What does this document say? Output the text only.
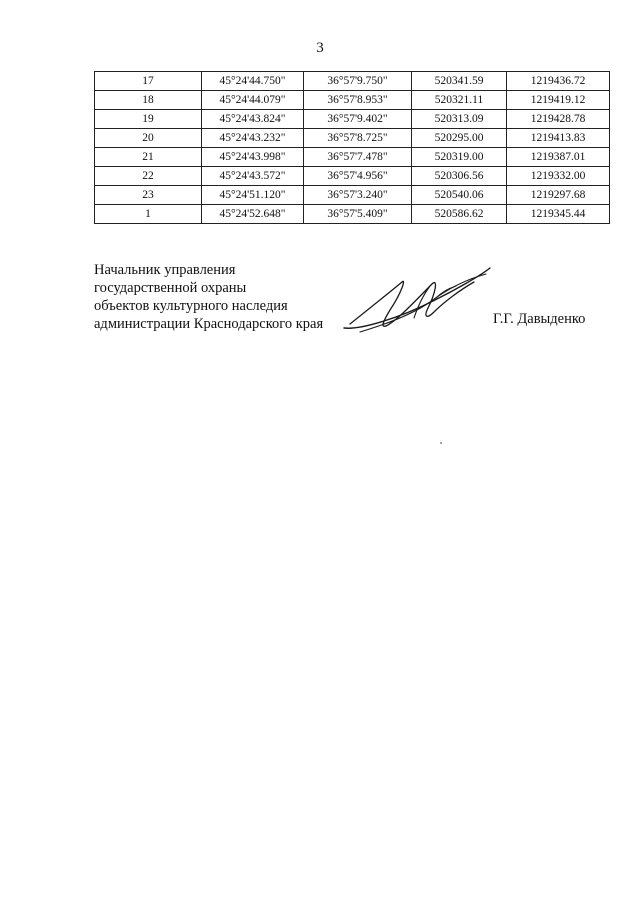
3
17	45°24'44.750"	36°57'9.750"	520341.59	1219436.72
18	45°24'44.079"	36°57'8.953"	520321.11	1219419.12
19	45°24'43.824"	36°57'9.402"	520313.09	1219428.78
20	45°24'43.232"	36°57'8.725"	520295.00	1219413.83
21	45°24'43.998"	36°57'7.478"	520319.00	1219387.01
22	45°24'43.572"	36°57'4.956"	520306.56	1219332.00
23	45°24'51.120"	36°57'3.240"	520540.06	1219297.68
1	45°24'52.648"	36°57'5.409"	520586.62	1219345.44
Начальник управления
государственной охраны
объектов культурного наследия
администрации Краснодарского края	Г.Г. Давыденко
